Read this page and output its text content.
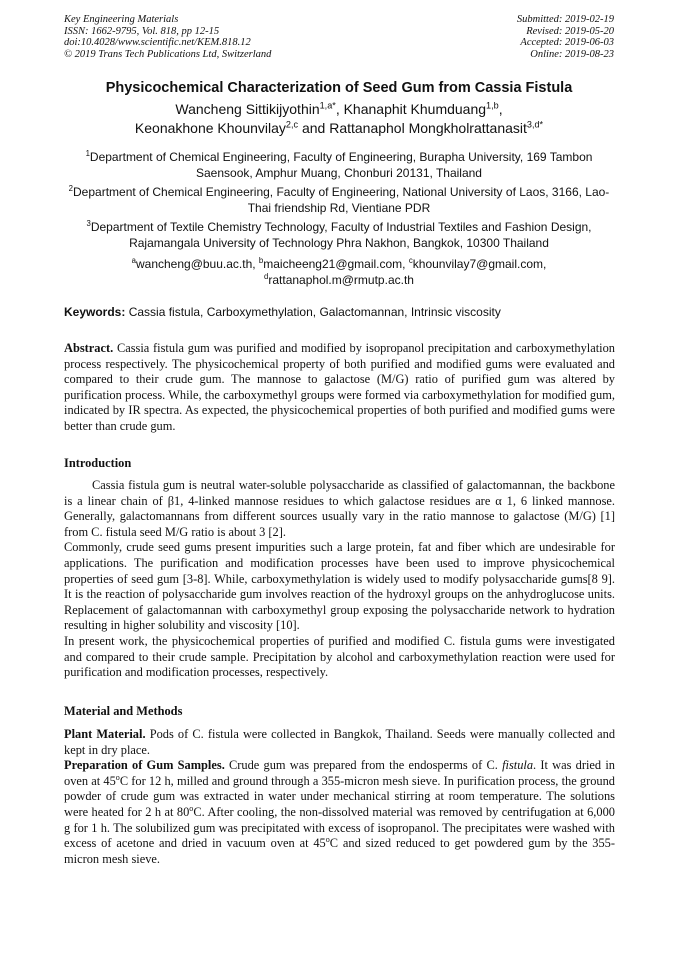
Key Engineering Materials
ISSN: 1662-9795, Vol. 818, pp 12-15
doi:10.4028/www.scientific.net/KEM.818.12
© 2019 Trans Tech Publications Ltd, Switzerland
Submitted: 2019-02-19
Revised: 2019-05-20
Accepted: 2019-06-03
Online: 2019-08-23
Physicochemical Characterization of Seed Gum from Cassia Fistula
Wancheng Sittikijyothin$^{1,a*}$, Khanaphit Khumduang$^{1,b}$,
Keonakhone Khounvilay$^{2,c}$ and Rattanaphol Mongkholrattanasit$^{3,d*}$
$^1$Department of Chemical Engineering, Faculty of Engineering, Burapha University, 169 Tambon Saensook, Amphur Muang, Chonburi 20131, Thailand
$^2$Department of Chemical Engineering, Faculty of Engineering, National University of Laos, 3166, Lao-Thai friendship Rd, Vientiane PDR
$^3$Department of Textile Chemistry Technology, Faculty of Industrial Textiles and Fashion Design, Rajamangala University of Technology Phra Nakhon, Bangkok, 10300 Thailand
$^a$wancheng@buu.ac.th, $^b$maicheeng21@gmail.com, $^c$khounvilay7@gmail.com,
$^d$rattanaphol.m@rmutp.ac.th
Keywords: Cassia fistula, Carboxymethylation, Galactomannan, Intrinsic viscosity

Abstract. Cassia fistula gum was purified and modified by isopropanol precipitation and carboxymethylation process respectively. The physicochemical property of both purified and modified gums were evaluated and compared to their crude gum. The mannose to galactose (M/G) ratio of purified gum was altered by purification process. While, the carboxymethyl groups were formed via carboxymethylation for modified gum, indicated by IR spectra. As expected, the physicochemical properties of both purified and modified gums were better than crude gum.

Introduction

Cassia fistula gum is neutral water-soluble polysaccharide as classified of galactomannan, the backbone is a linear chain of β1, 4-linked mannose residues to which galactose residues are α 1, 6 linked mannose. Generally, galactomannans from different sources usually vary in the ratio mannose to galactose (M/G) [1] from C. fistula seed M/G ratio is about 3 [2].

Commonly, crude seed gums present impurities such a large protein, fat and fiber which are undesirable for applications. The purification and modification processes have been used to improve physicochemical properties of seed gum [3-8]. While, carboxymethylation is widely used to modify polysaccharide gums[8 9]. It is the reaction of polysaccharide gum involves reaction of the hydroxyl groups on the anhydroglucose units. Replacement of galactomannan with carboxymethyl group exposing the polysaccharide network to hydration resulting in higher solubility and viscosity [10].

In present work, the physicochemical properties of purified and modified C. fistula gums were investigated and compared to their crude sample. Precipitation by alcohol and carboxymethylation reaction were used for purification and modification processes, respectively.

Material and Methods

Plant Material. Pods of C. fistula were collected in Bangkok, Thailand. Seeds were manually collected and kept in dry place.

Preparation of Gum Samples. Crude gum was prepared from the endosperms of C. fistula. It was dried in oven at 45$^o$C for 12 h, milled and ground through a 355-micron mesh sieve. In purification process, the ground powder of crude gum was extracted in water under mechanical stirring at room temperature. The solutions were heated for 2 h at 80$^o$C. After cooling, the non-dissolved material was removed by centrifugation at 6,000 g for 1 h. The solubilized gum was precipitated with excess of isopropanol. The precipitates were washed with excess of acetone and dried in vacuum oven at 45$^o$C and sized reduced to get powdered gum by the 355-micron mesh sieve.
